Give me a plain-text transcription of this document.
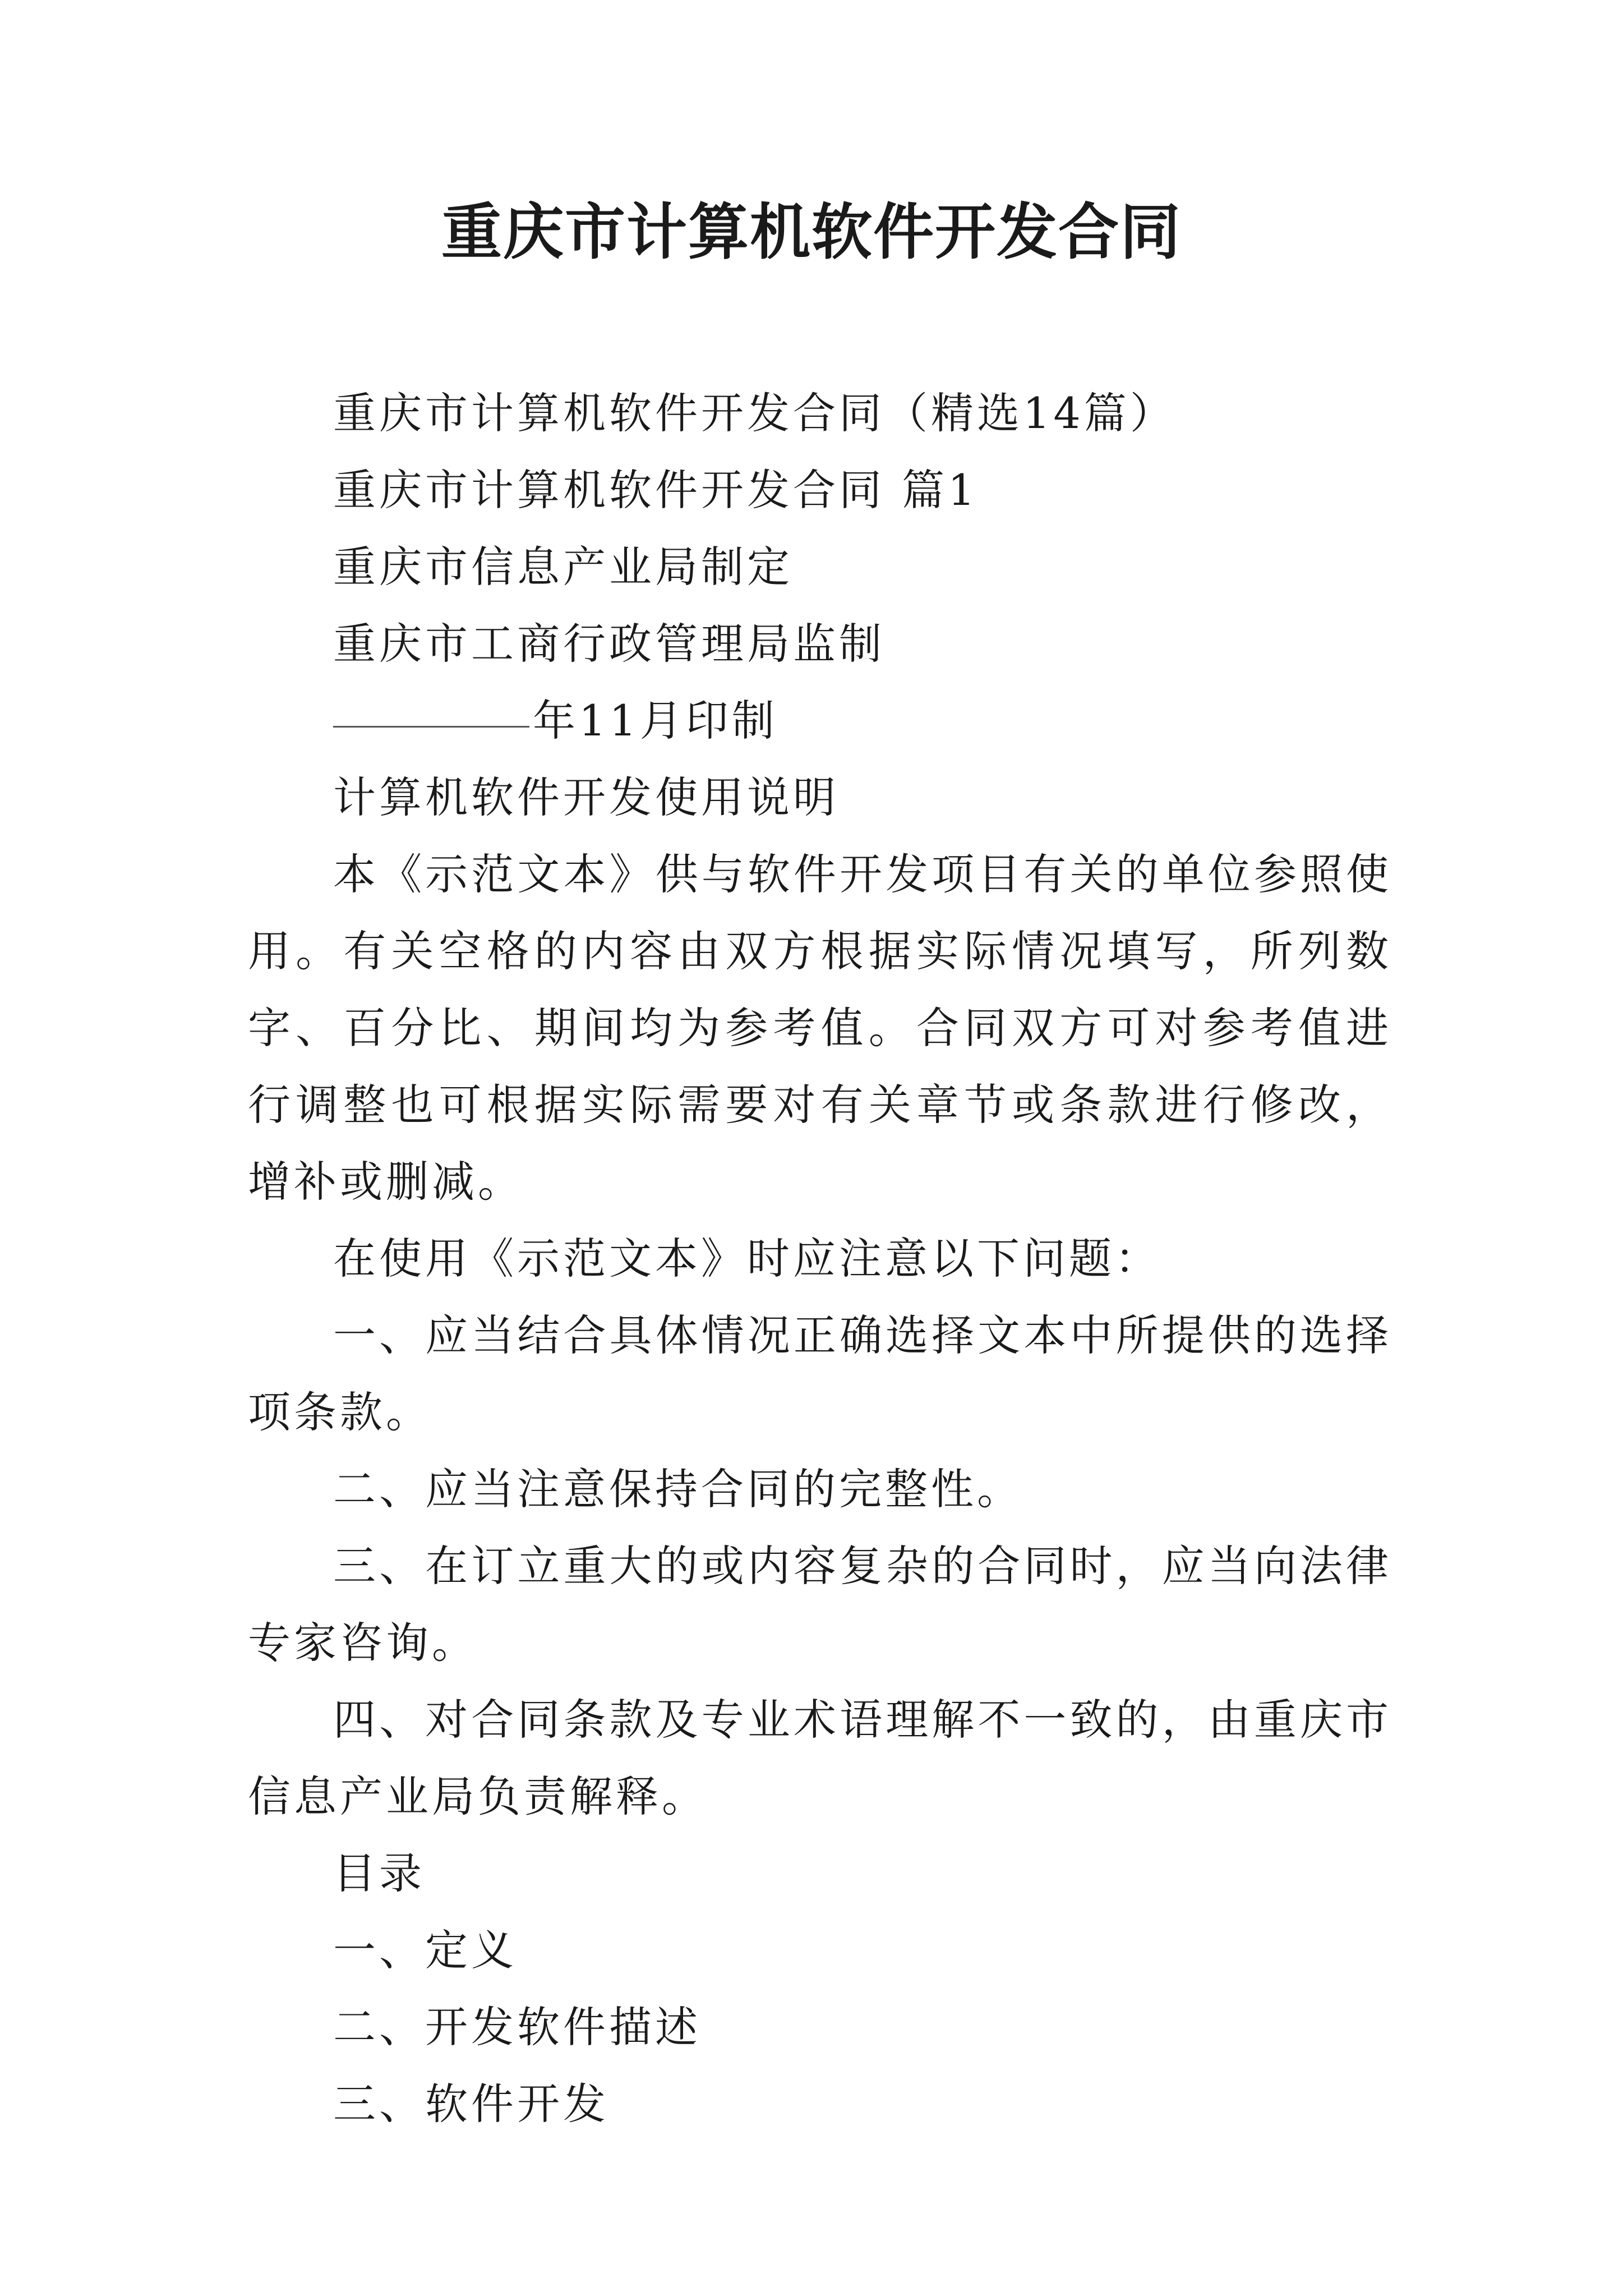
重庆市计算机软件开发合同

重庆市计算机软件开发合同（精选14篇）

重庆市计算机软件开发合同 篇1

重庆市信息产业局制定

重庆市工商行政管理局监制

年11月印制

计算机软件开发使用说明

本《示范文本》供与软件开发项目有关的单位参照使用。有关空格的内容由双方根据实际情况填写，所列数字、百分比、期间均为参考值。合同双方可对参考值进行调整也可根据实际需要对有关章节或条款进行修改，增补或删减。

在使用《示范文本》时应注意以下问题：

一、应当结合具体情况正确选择文本中所提供的选择项条款。

二、应当注意保持合同的完整性。

三、在订立重大的或内容复杂的合同时，应当向法律专家咨询。

四、对合同条款及专业术语理解不一致的，由重庆市信息产业局负责解释。

目录

一、定义

二、开发软件描述

三、软件开发
